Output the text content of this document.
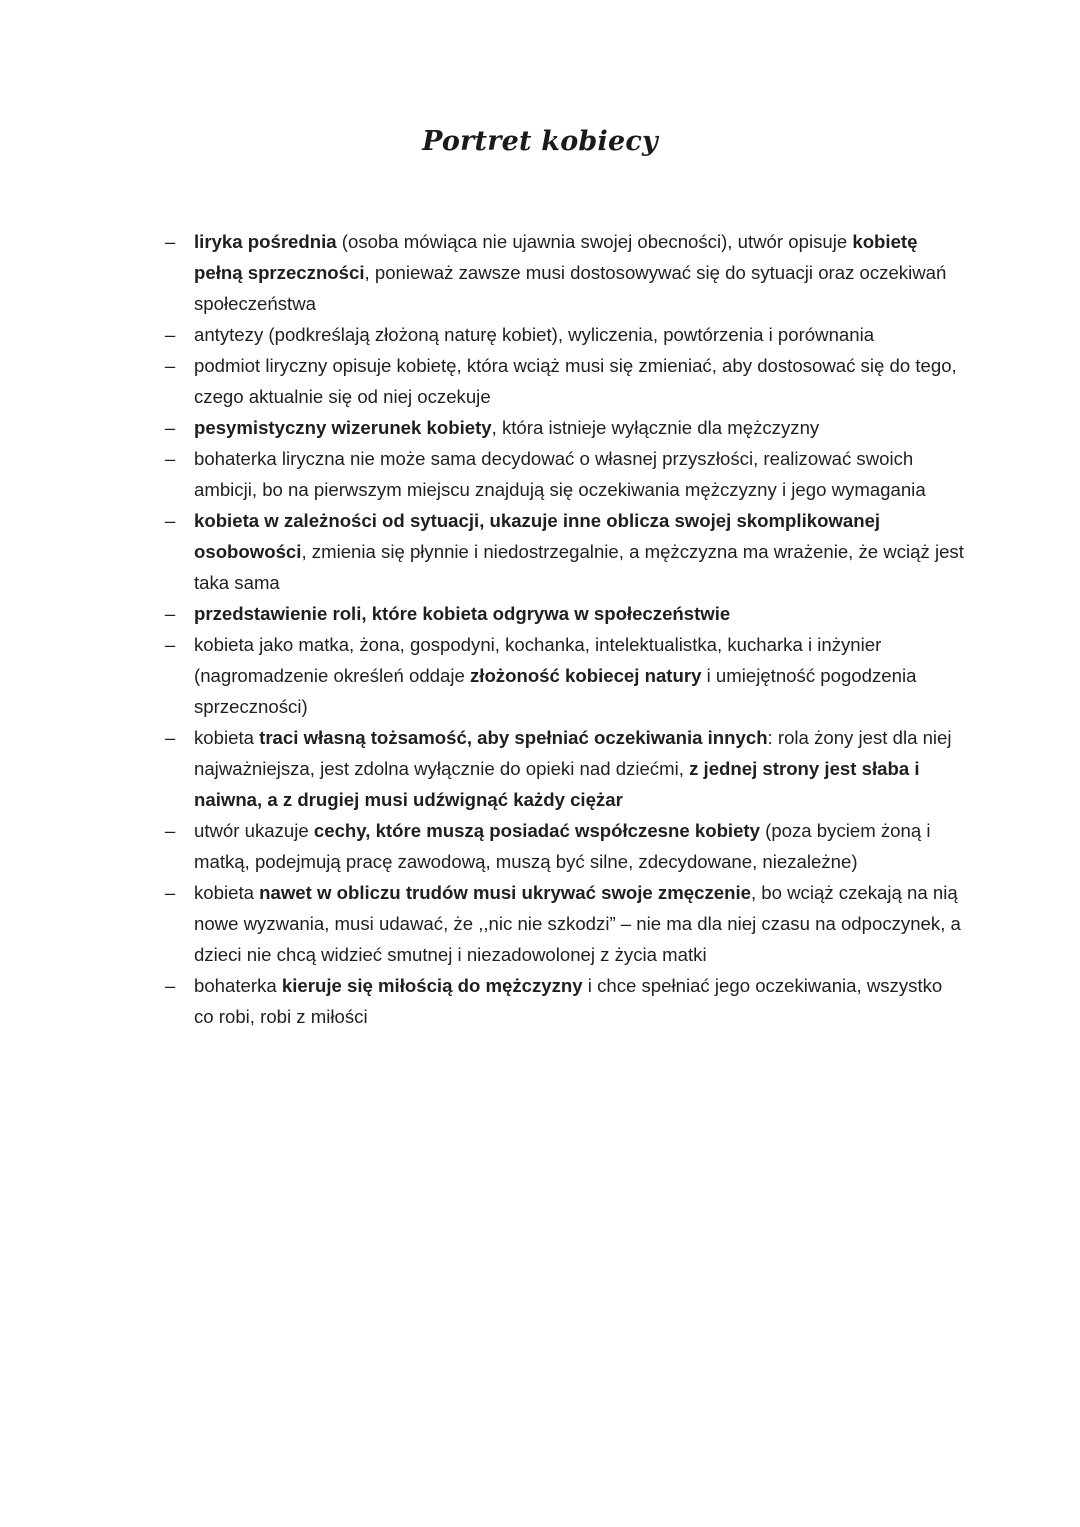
Portret kobiecy
– liryka pośrednia (osoba mówiąca nie ujawnia swojej obecności), utwór opisuje kobietę pełną sprzeczności, ponieważ zawsze musi dostosowywać się do sytuacji oraz oczekiwań społeczeństwa
– antytezy (podkreślają złożoną naturę kobiet), wyliczenia, powtórzenia i porównania
– podmiot liryczny opisuje kobietę, która wciąż musi się zmieniać, aby dostosować się do tego, czego aktualnie się od niej oczekuje
– pesymistyczny wizerunek kobiety, która istnieje wyłącznie dla mężczyzny
– bohaterka liryczna nie może sama decydować o własnej przyszłości, realizować swoich ambicji, bo na pierwszym miejscu znajdują się oczekiwania mężczyzny i jego wymagania
– kobieta w zależności od sytuacji, ukazuje inne oblicza swojej skomplikowanej osobowości, zmienia się płynnie i niedostrzegalnie, a mężczyzna ma wrażenie, że wciąż jest taka sama
– przedstawienie roli, które kobieta odgrywa w społeczeństwie
– kobieta jako matka, żona, gospodyni, kochanka, intelektualistka, kucharka i inżynier (nagromadzenie określeń oddaje złożoność kobiecej natury i umiejętność pogodzenia sprzeczności)
– kobieta traci własną tożsamość, aby spełniać oczekiwania innych: rola żony jest dla niej najważniejsza, jest zdolna wyłącznie do opieki nad dziećmi, z jednej strony jest słaba i naiwna, a z drugiej musi udźwignąć każdy ciężar
– utwór ukazuje cechy, które muszą posiadać współczesne kobiety (poza byciem żoną i matką, podejmują pracę zawodową, muszą być silne, zdecydowane, niezależne)
– kobieta nawet w obliczu trudów musi ukrywać swoje zmęczenie, bo wciąż czekają na nią nowe wyzwania, musi udawać, że ,,nic nie szkodzi” – nie ma dla niej czasu na odpoczynek, a dzieci nie chcą widzieć smutnej i niezadowolonej z życia matki
– bohaterka kieruje się miłością do mężczyzny i chce spełniać jego oczekiwania, wszystko co robi, robi z miłości
